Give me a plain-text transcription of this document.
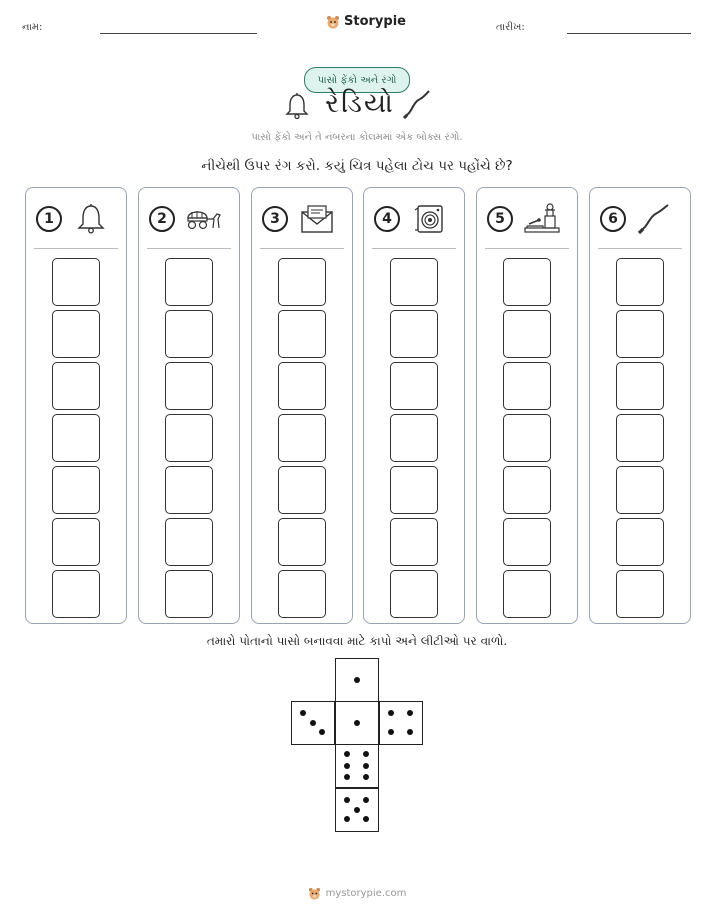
નામ:	Storypie	તારીખ:
પાસો ફેંકો અને રંગો
રેડિયો
પાસો ફેંકો અને તે નંબરના કોલમમાં એક બોક્સ રંગો.
નીચેથી ઉપર રંગ કરો. કયું ચિત્ર પહેલા ટોચ પર પહોંચે છે?
1	2	3	4	5	6
તમારો પોતાનો પાસો બનાવવા માટે કાપો અને લીટીઓ પર વાળો.
mystorypie.com
